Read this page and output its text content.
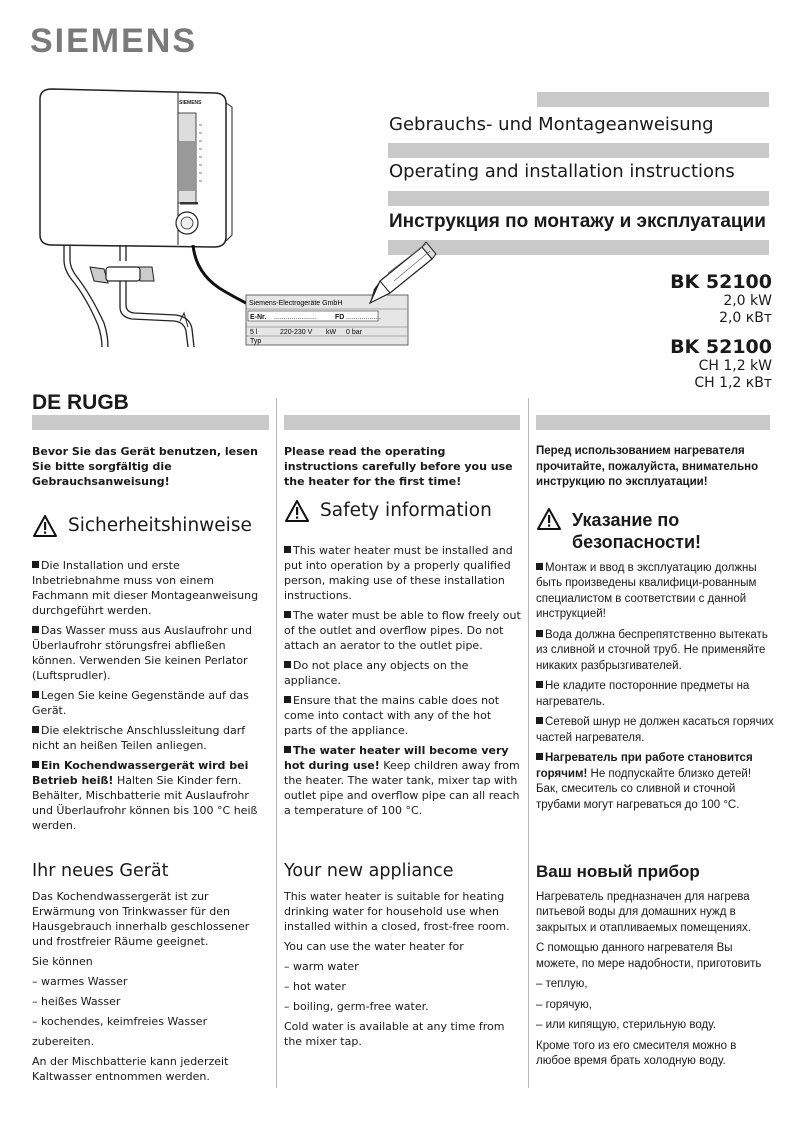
SIEMENS
Gebrauchs- und Montageanweisung
Operating and installation instructions
Инструкция по монтажу и эксплуатации
BK 52100
2,0 kW
2,0 кВт
BK 52100
CH 1,2 kW
CH 1,2 кВт
SIEMENS
Siemens-Electrogeräte GmbH
E-Nr. ......................	FD ..................
5 l	220-230 V kW 0 bar
Typ
DE RUGB
Bevor Sie das Gerät benutzen, lesen Sie bitte sorgfältig die Gebrauchsanweisung!
Sicherheitshinweise

Die Installation und erste Inbetriebnahme muss von einem Fachmann mit dieser Montageanweisung durchgeführt werden.

Das Wasser muss aus Auslaufrohr und Überlaufrohr störungsfrei abfließen können. Verwenden Sie keinen Perlator (Luftsprudler).

Legen Sie keine Gegenstände auf das Gerät.

Die elektrische Anschlussleitung darf nicht an heißen Teilen anliegen.

Ein Kochendwassergerät wird bei Betrieb heiß! Halten Sie Kinder fern. Behälter, Mischbatterie mit Auslaufrohr und Überlaufrohr können bis 100 °C heiß werden.

Ihr neues Gerät

Das Kochendwassergerät ist zur Erwärmung von Trinkwasser für den Hausgebrauch innerhalb geschlossener und frostfreier Räume geeignet.

Sie können

– warmes Wasser

– heißes Wasser

– kochendes, keimfreies Wasser

zubereiten.

An der Mischbatterie kann jederzeit Kaltwasser entnommen werden.

Please read the operating instructions carefully before you use the heater for the first time!
Safety information

This water heater must be installed and put into operation by a properly qualified person, making use of these installation instructions.

The water must be able to flow freely out of the outlet and overflow pipes. Do not attach an aerator to the outlet pipe.

Do not place any objects on the appliance.

Ensure that the mains cable does not come into contact with any of the hot parts of the appliance.

The water heater will become very hot during use! Keep children away from the heater. The water tank, mixer tap with outlet pipe and overflow pipe can all reach a temperature of 100 °C.

Your new appliance

This water heater is suitable for heating drinking water for household use when installed within a closed, frost-free room.

You can use the water heater for

– warm water

– hot water

– boiling, germ-free water.

Cold water is available at any time from the mixer tap.

Перед использованием нагревателя прочитайте, пожалуйста, внимательно инструкцию по эксплуатации!
Указание по безопасности!

Монтаж и ввод в эксплуатацию должны быть произведены квалифици-рованным специалистом в соответствии с данной инструкцией!

Вода должна беспрепятственно вытекать из сливной и сточной труб. Не применяйте никаких разбрызгивателей.

Не кладите посторонние предметы на нагреватель.

Сетевой шнур не должен касаться горячих частей нагревателя.

Нагреватель при работе становится горячим! Не подпускайте близко детей! Бак, смеситель со сливной и сточной трубами могут нагреваться до 100 °C.

Ваш новый прибор

Нагреватель предназначен для нагрева питьевой воды для домашних нужд в закрытых и отапливаемых помещениях.

С помощью данного нагревателя Вы можете, по мере надобности, приготовить

– теплую,

– горячую,

– или кипящую, стерильную воду.

Кроме того из его смесителя можно в любое время брать холодную воду.
